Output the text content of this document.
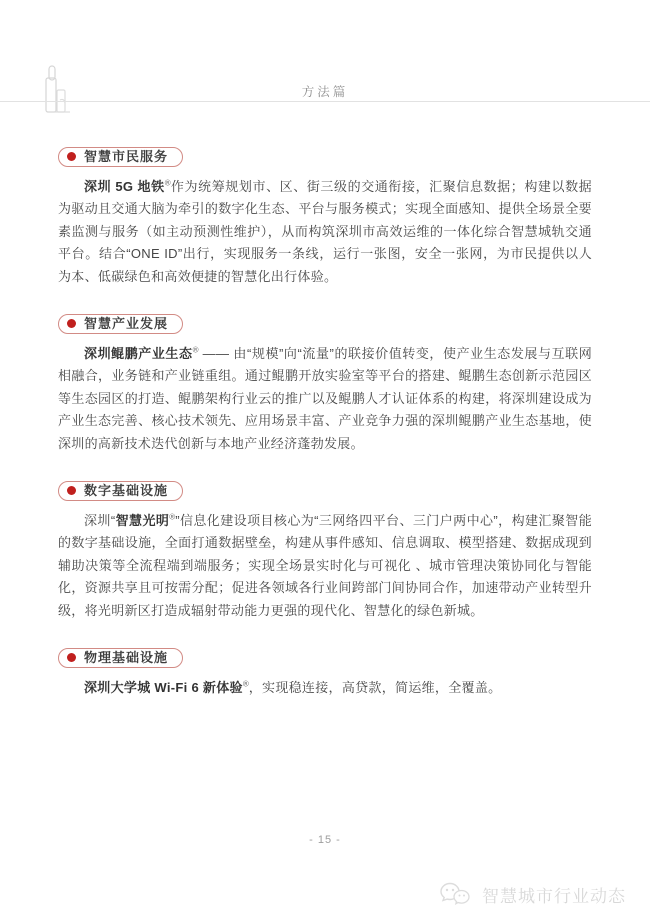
方法篇
智慧市民服务

深圳 5G 地铁®作为统筹规划市、区、街三级的交通衔接，汇聚信息数据；构建以数据为驱动且交通大脑为牵引的数字化生态、平台与服务模式；实现全面感知、提供全场景全要素监测与服务（如主动预测性维护），从而构筑深圳市高效运维的一体化综合智慧城轨交通平台。结合“ONE ID”出行，实现服务一条线，运行一张图，安全一张网，为市民提供以人为本、低碳绿色和高效便捷的智慧化出行体验。

智慧产业发展

深圳鲲鹏产业生态® —— 由“规模”向“流量”的联接价值转变，使产业生态发展与互联网相融合，业务链和产业链重组。通过鲲鹏开放实验室等平台的搭建、鲲鹏生态创新示范园区等生态园区的打造、鲲鹏架构行业云的推广以及鲲鹏人才认证体系的构建，将深圳建设成为产业生态完善、核心技术领先、应用场景丰富、产业竞争力强的深圳鲲鹏产业生态基地，使深圳的高新技术迭代创新与本地产业经济蓬勃发展。

数字基础设施

深圳“智慧光明®”信息化建设项目核心为“三网络四平台、三门户两中心”，构建汇聚智能的数字基础设施，全面打通数据壁垒，构建从事件感知、信息调取、模型搭建、数据成现到辅助决策等全流程端到端服务；实现全场景实时化与可视化 、城市管理决策协同化与智能化，资源共享且可按需分配；促进各领域各行业间跨部门间协同合作，加速带动产业转型升级，将光明新区打造成辐射带动能力更强的现代化、智慧化的绿色新城。

物理基础设施

深圳大学城 Wi-Fi 6 新体验®，实现稳连接，高贷款，简运维，全覆盖。

- 15 -
智慧城市行业动态
